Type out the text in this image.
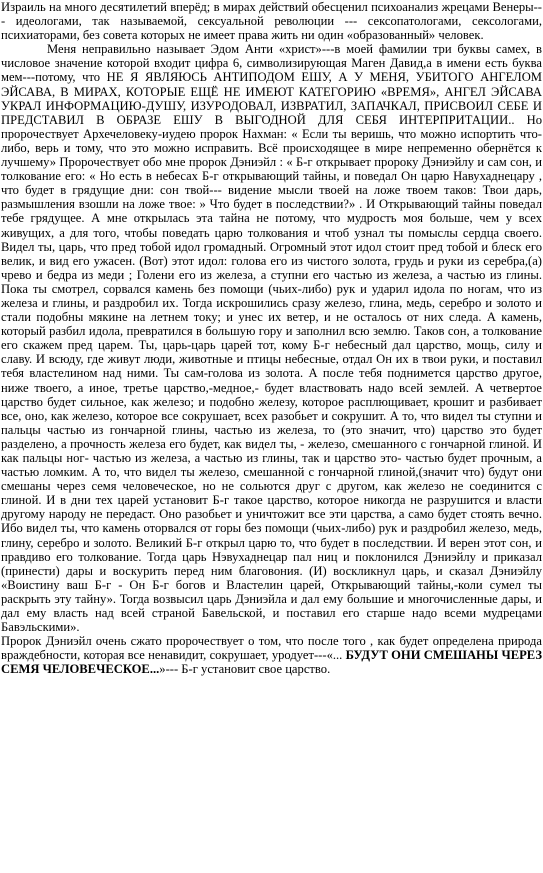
Израиль на много десятилетий вперёд; в мирах действий обесценил психоанализ жрецами Венеры--- идеологами, так называемой, сексуальной революции --- сексопатологами, сексологами, психиаторами, без совета которых не имеет права жить ни один «образованный» человек.

Меня неправильно называет Эдом Анти «христ»---в моей фамилии три буквы самех, в числовое значение которой входит цифра 6, символизирующая Маген Давид,а в имени есть буква мем---потому, что НЕ Я ЯВЛЯЮСЬ АНТИПОДОМ ЕШУ, А У МЕНЯ, УБИТОГО АНГЕЛОМ ЭЙСАВА, В МИРАХ, КОТОРЫЕ ЕЩЁ НЕ ИМЕЮТ КАТЕГОРИЮ «ВРЕМЯ», АНГЕЛ ЭЙСАВА УКРАЛ ИНФОРМАЦИЮ-ДУШУ, ИЗУРОДОВАЛ, ИЗВРАТИЛ, ЗАПАЧКАЛ, ПРИСВОИЛ СЕБЕ И ПРЕДСТАВИЛ В ОБРАЗЕ ЕШУ В ВЫГОДНОЙ ДЛЯ СЕБЯ ИНТЕРПРИТАЦИИ.. Но пророчествует Архечеловеку-иудею пророк Нахман: « Если ты веришь, что можно испортить что-либо, верь и тому, что это можно исправить. Всё происходящее в мире непременно обернётся к лучшему» Пророчествует обо мне пророк Дэниэйл : « Б-г открывает пророку Дэниэйлу и сам сон, и толкование его: « Но есть в небесах Б-г открывающий тайны, и поведал Он царю Навухаднецару , что будет в грядущие дни: сон твой--- видение мысли твоей на ложе твоем таков: Твои дарь, размышления взошли на ложе твое: » Что будет в последствии?» . И Открывающий тайны поведал тебе грядущее. А мне открылась эта тайна не потому, что мудрость моя больше, чем у всех живущих, а для того, чтобы поведать царю толкования и чтоб узнал ты помыслы сердца своего. Видел ты, царь, что пред тобой идол громадный. Огромный этот идол стоит пред тобой и блеск его велик, и вид его ужасен. (Вот) этот идол: голова его из чистого золота, грудь и руки из серебра,(а) чрево и бедра из меди ; Голени его из железа, а ступни его частью из железа, а частью из глины. Пока ты смотрел, сорвался камень без помощи (чьих-либо) рук и ударил идола по ногам, что из железа и глины, и раздробил их. Тогда искрошились сразу железо, глина, медь, серебро и золото и стали подобны мякине на летнем току; и унес их ветер, и не осталось от них следа. А камень, который разбил идола, превратился в большую гору и заполнил всю землю. Таков сон, а толкование его скажем пред царем. Ты, царь-царь царей тот, кому Б-г небесный дал царство, мощь, силу и славу. И всюду, где живут люди, животные и птицы небесные, отдал Он их в твои руки, и поставил тебя властелином над ними. Ты сам-голова из золота. А после тебя поднимется царство другое, ниже твоего, а иное, третье царство,-медное,- будет властвовать надо всей землей. А четвертое царство будет сильное, как железо; и подобно железу, которое расплющивает, крошит и разбивает все, оно, как железо, которое все сокрушает, всех разобьет и сокрушит. А то, что видел ты ступни и пальцы частью из гончарной глины, частью из железа, то (это значит, что) царство это будет разделено, а прочность железа его будет, как видел ты, - железо, смешанного с гончарной глиной. И как пальцы ног- частью из железа, а частью из глины, так и царство это- частью будет прочным, а частью ломким. А то, что видел ты железо, смешанной с гончарной глиной,(значит что) будут они смешаны через семя человеческое, но не сольются друг с другом, как железо не соединится с глиной. И в дни тех царей установит Б-г такое царство, которое никогда не разрушится и власти другому народу не передаст. Оно разобьет и уничтожит все эти царства, а само будет стоять вечно. Ибо видел ты, что камень оторвался от горы без помощи (чьих-либо) рук и раздробил железо, медь, глину, серебро и золото. Великий Б-г открыл царю то, что будет в последствии. И верен этот сон, и правдиво его толкование. Тогда царь Нэвухаднецар пал ниц и поклонился Дэниэйлу и приказал (принести) дары и воскурить перед ним благовония. (И) воскликнул царь, и сказал Дэниэйлу «Воистину ваш Б-г - Он Б-г богов и Властелин царей, Открывающий тайны,-коли сумел ты раскрыть эту тайну». Тогда возвысил царь Дэниэйла и дал ему большие и многочисленные дары, и дал ему власть над всей страной Бавельской, и поставил его старше надо всеми мудрецами Бавэльскими».

Пророк Дэниэйл очень сжато пророчествует о том, что после того , как будет определена природа враждебности, которая все ненавидит, сокрушает, уродует---«... БУДУТ ОНИ СМЕШАНЫ ЧЕРЕЗ СЕМЯ ЧЕЛОВЕЧЕСКОЕ...»--- Б-г установит свое царство.
